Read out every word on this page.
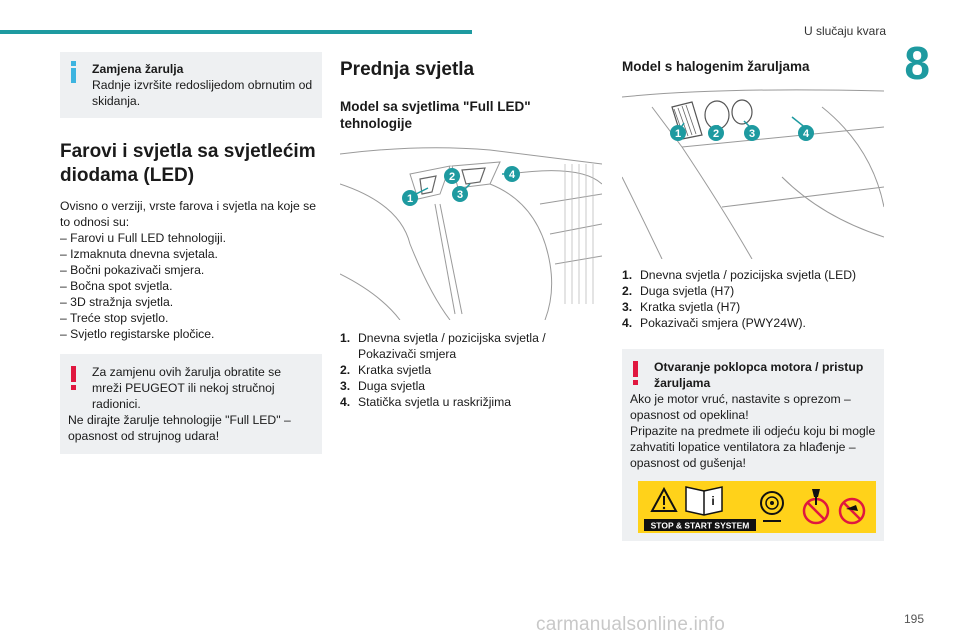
U slučaju kvara
8
Zamjena žarulja
Radnje izvršite redoslijedom obrnutim od skidanja.
Farovi i svjetla sa svjetlećim diodama (LED)
Ovisno o verziji, vrste farova i svjetla na koje se to odnosi su:
– Farovi u Full LED tehnologiji.
– Izmaknuta dnevna svjetala.
– Bočni pokazivači smjera.
– Bočna spot svjetla.
– 3D stražnja svjetla.
– Treće stop svjetlo.
– Svjetlo registarske pločice.
Za zamjenu ovih žarulja obratite se mreži PEUGEOT ili nekoj stručnoj radionici.
Ne dirajte žarulje tehnologije "Full LED" – opasnost od strujnog udara!
Prednja svjetla
Model sa svjetlima "Full LED" tehnologije
1
2
3
4
1. Dnevna svjetla / pozicijska svjetla / Pokazivači smjera
2. Kratka svjetla
3. Duga svjetla
4. Statička svjetla u raskrižjima
Model s halogenim žaruljama
1	2	3	4
1. Dnevna svjetla / pozicijska svjetla (LED)
2. Duga svjetla (H7)
3. Kratka svjetla (H7)
4. Pokazivači smjera (PWY24W).
Otvaranje poklopca motora / pristup žaruljama
Ako je motor vruć, nastavite s oprezom – opasnost od opeklina!
Pripazite na predmete ili odjeću koju bi mogle zahvatiti lopatice ventilatora za hlađenje – opasnost od gušenja!
i
STOP & START SYSTEM
195
carmanualsonline.info
